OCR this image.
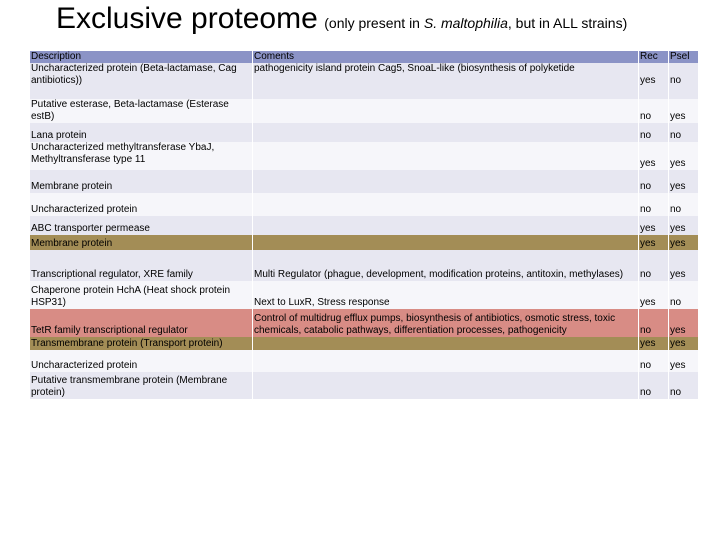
Exclusive proteome (only present in S. maltophilia, but in ALL strains)
Description	Coments	Rec	Psel

Uncharacterized protein (Beta-lactamase, Cag antibiotics))	pathogenicity island protein Cag5, SnoaL-like (biosynthesis of polyketide	yes	no
Putative esterase, Beta-lactamase (Esterase estB)		no	yes
Lana protein		no	no
Uncharacterized methyltransferase YbaJ, Methyltransferase type 11		yes	yes
Membrane protein		no	yes
Uncharacterized protein		no	no
ABC transporter permease		yes	yes
Membrane protein		yes	yes
Transcriptional regulator, XRE family	Multi Regulator (phague, development, modification proteins, antitoxin, methylases)	no	yes
Chaperone protein HchA (Heat shock protein HSP31)	Next to LuxR, Stress response	yes	no
TetR family transcriptional regulator	Control of multidrug efflux pumps, biosynthesis of antibiotics, osmotic stress, toxic chemicals, catabolic pathways, differentiation processes, pathogenicity	no	yes
Transmembrane protein (Transport protein)		yes	yes
Uncharacterized protein		no	yes
Putative transmembrane protein (Membrane protein)		no	no
